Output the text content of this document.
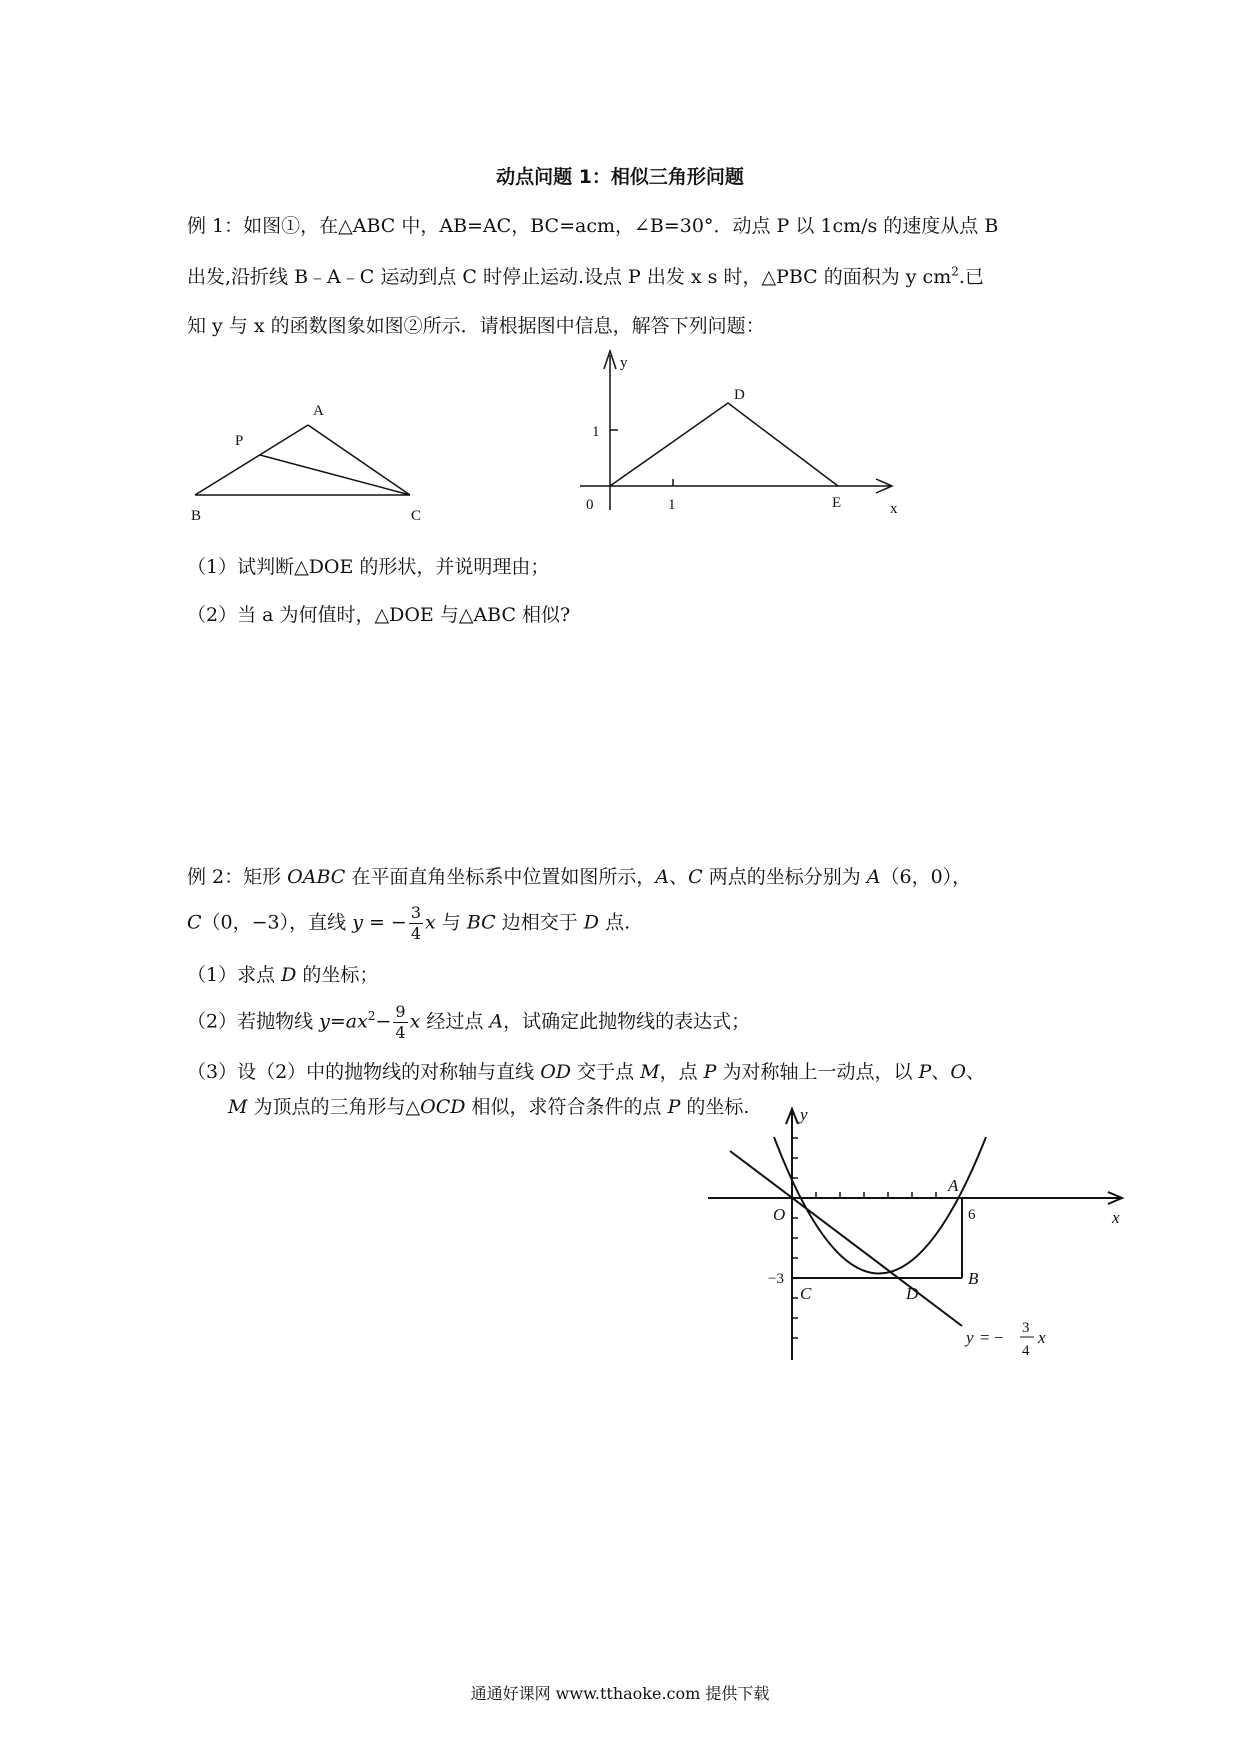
动点问题 1：相似三角形问题
例 1：如图①，在△ABC 中，AB=AC，BC=acm，∠B=30°．动点 P 以 1cm/s 的速度从点 B
出发,沿折线 B﹣A﹣C 运动到点 C 时停止运动.设点 P 出发 x s 时，△PBC 的面积为 y $cm^2$.已
知 y 与 x 的函数图象如图②所示．请根据图中信息，解答下列问题：
A
P
B	C
y
x
0
1
1
D
E
（1）试判断△DOE 的形状，并说明理由；
（2）当 a 为何值时，△DOE 与△ABC 相似?
例 2：矩形 OABC 在平面直角坐标系中位置如图所示，A、C 两点的坐标分别为 A（6，0），
C（0，−3），直线 y = − $\frac{3}{4}$ x 与 BC 边相交于 D 点.
（1）求点 D 的坐标；
（2）若抛物线 $y=ax^2- \frac{9}{4}$ x 经过点 A，试确定此抛物线的表达式；
（3）设（2）中的抛物线的对称轴与直线 OD 交于点 M，点 P 为对称轴上一动点，以 P、O、
M 为顶点的三角形与△OCD 相似，求符合条件的点 P 的坐标.	y
x
O
A
6
−3
C	D
B
y = − 3
4
x
通通好课网 www.tthaoke.com 提供下载
